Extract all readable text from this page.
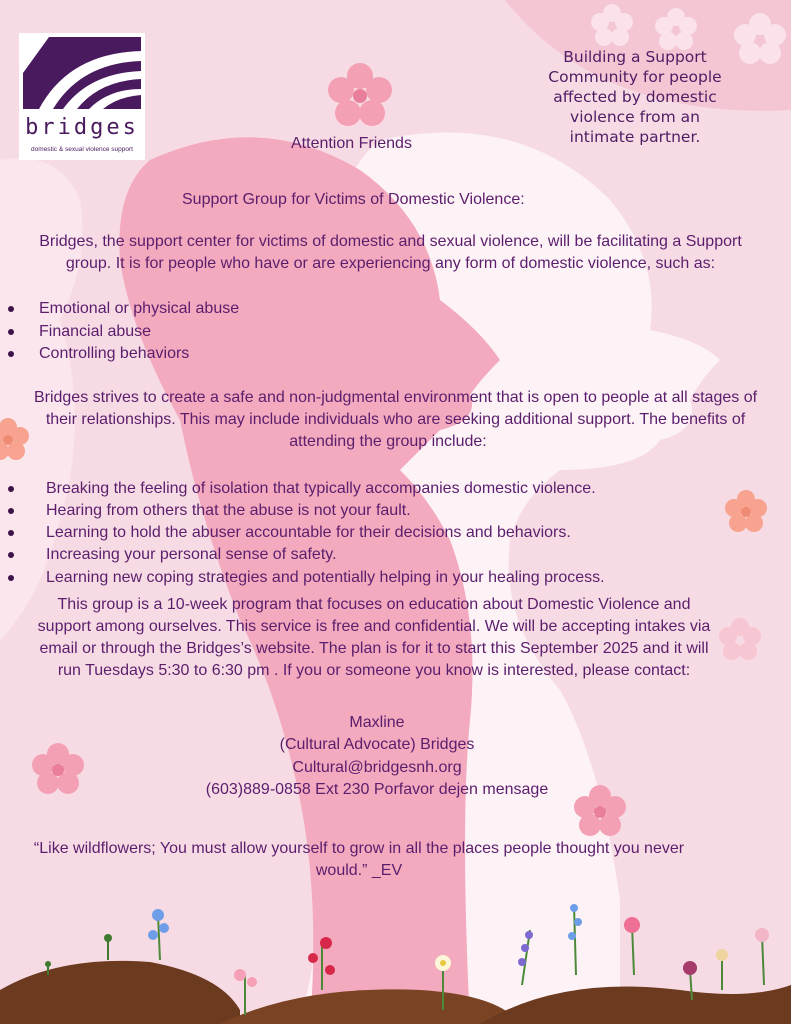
bridges
domestic & sexual violence support
Building a Support
Community for people
affected by domestic
violence from an
intimate partner.
Attention Friends
Support Group for Victims of Domestic Violence:
Bridges, the support center for victims of domestic and sexual violence, will be facilitating a Support
group. It is for people who have or are experiencing any form of domestic violence, such as:
Emotional or physical abuse
Financial abuse
Controlling behaviors
Bridges strives to create a safe and non-judgmental environment that is open to people at all stages of
their relationships. This may include individuals who are seeking additional support. The benefits of
attending the group include:
Breaking the feeling of isolation that typically accompanies domestic violence.
Hearing from others that the abuse is not your fault.
Learning to hold the abuser accountable for their decisions and behaviors.
Increasing your personal sense of safety.
Learning new coping strategies and potentially helping in your healing process.
This group is a 10-week program that focuses on education about Domestic Violence and
support among ourselves. This service is free and confidential. We will be accepting intakes via
email or through the Bridges’s website. The plan is for it to start this September 2025 and it will
run Tuesdays 5:30 to 6:30 pm . If you or someone you know is interested, please contact:
Maxline
(Cultural Advocate) Bridges
Cultural@bridgesnh.org
(603)889-0858 Ext 230 Porfavor dejen mensage
“Like wildflowers; You must allow yourself to grow in all the places people thought you never
would.” _EV
